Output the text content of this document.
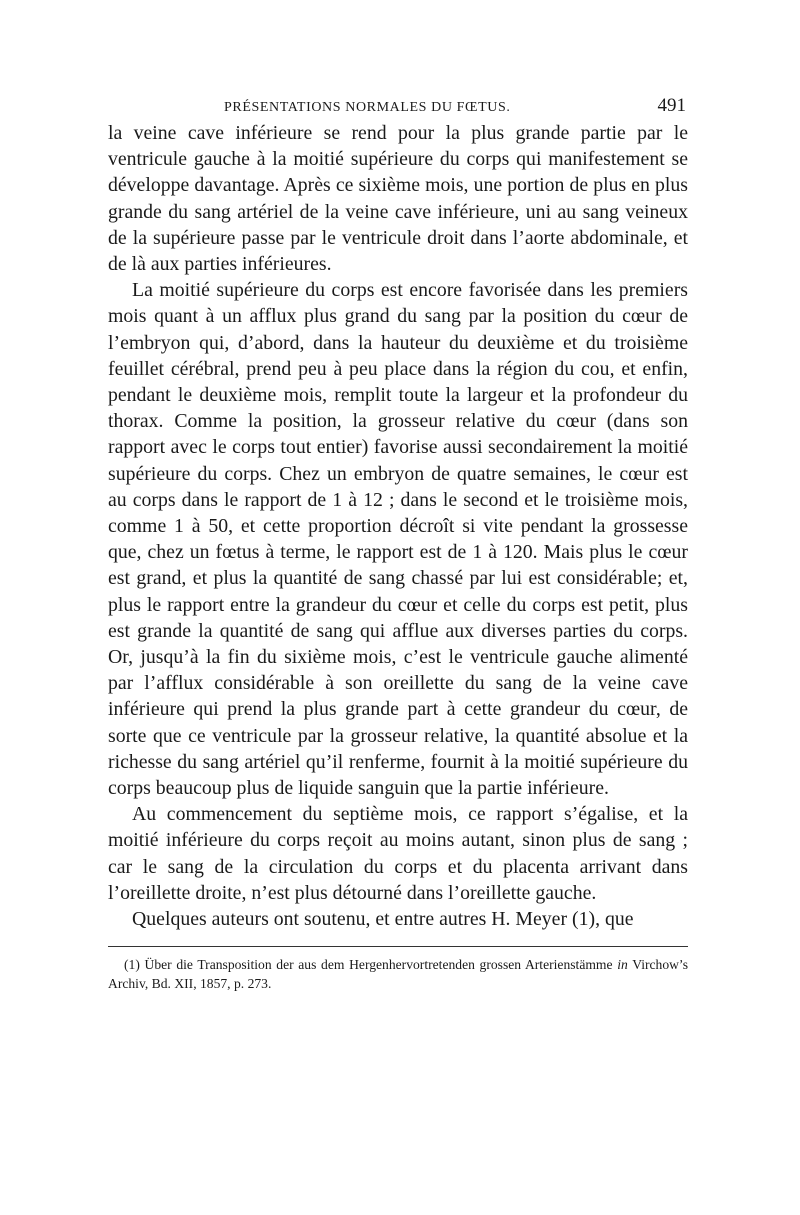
PRÉSENTATIONS NORMALES DU FŒTUS.	491

la veine cave inférieure se rend pour la plus grande partie par le ventricule gauche à la moitié supérieure du corps qui manifestement se développe davantage. Après ce sixième mois, une portion de plus en plus grande du sang artériel de la veine cave inférieure, uni au sang veineux de la supérieure passe par le ventricule droit dans l’aorte abdominale, et de là aux parties inférieures.

La moitié supérieure du corps est encore favorisée dans les premiers mois quant à un afflux plus grand du sang par la position du cœur de l’embryon qui, d’abord, dans la hauteur du deuxième et du troisième feuillet cérébral, prend peu à peu place dans la région du cou, et enfin, pendant le deuxième mois, remplit toute la largeur et la profondeur du thorax. Comme la position, la grosseur relative du cœur (dans son rapport avec le corps tout entier) favorise aussi secondairement la moitié supérieure du corps. Chez un embryon de quatre semaines, le cœur est au corps dans le rapport de 1 à 12 ; dans le second et le troisième mois, comme 1 à 50, et cette proportion décroît si vite pendant la grossesse que, chez un fœtus à terme, le rapport est de 1 à 120. Mais plus le cœur est grand, et plus la quantité de sang chassé par lui est considérable; et, plus le rapport entre la grandeur du cœur et celle du corps est petit, plus est grande la quantité de sang qui afflue aux diverses parties du corps. Or, jusqu’à la fin du sixième mois, c’est le ventricule gauche alimenté par l’afflux considérable à son oreillette du sang de la veine cave inférieure qui prend la plus grande part à cette grandeur du cœur, de sorte que ce ventricule par la grosseur relative, la quantité absolue et la richesse du sang artériel qu’il renferme, fournit à la moitié supérieure du corps beaucoup plus de liquide sanguin que la partie inférieure.

Au commencement du septième mois, ce rapport s’égalise, et la moitié inférieure du corps reçoit au moins autant, sinon plus de sang ; car le sang de la circulation du corps et du placenta arrivant dans l’oreillette droite, n’est plus détourné dans l’oreillette gauche.

Quelques auteurs ont soutenu, et entre autres H. Meyer (1), que

(1) Über die Transposition der aus dem Hergenhervortretenden grossen Arterienstämme in Virchow’s Archiv, Bd. XII, 1857, p. 273.
